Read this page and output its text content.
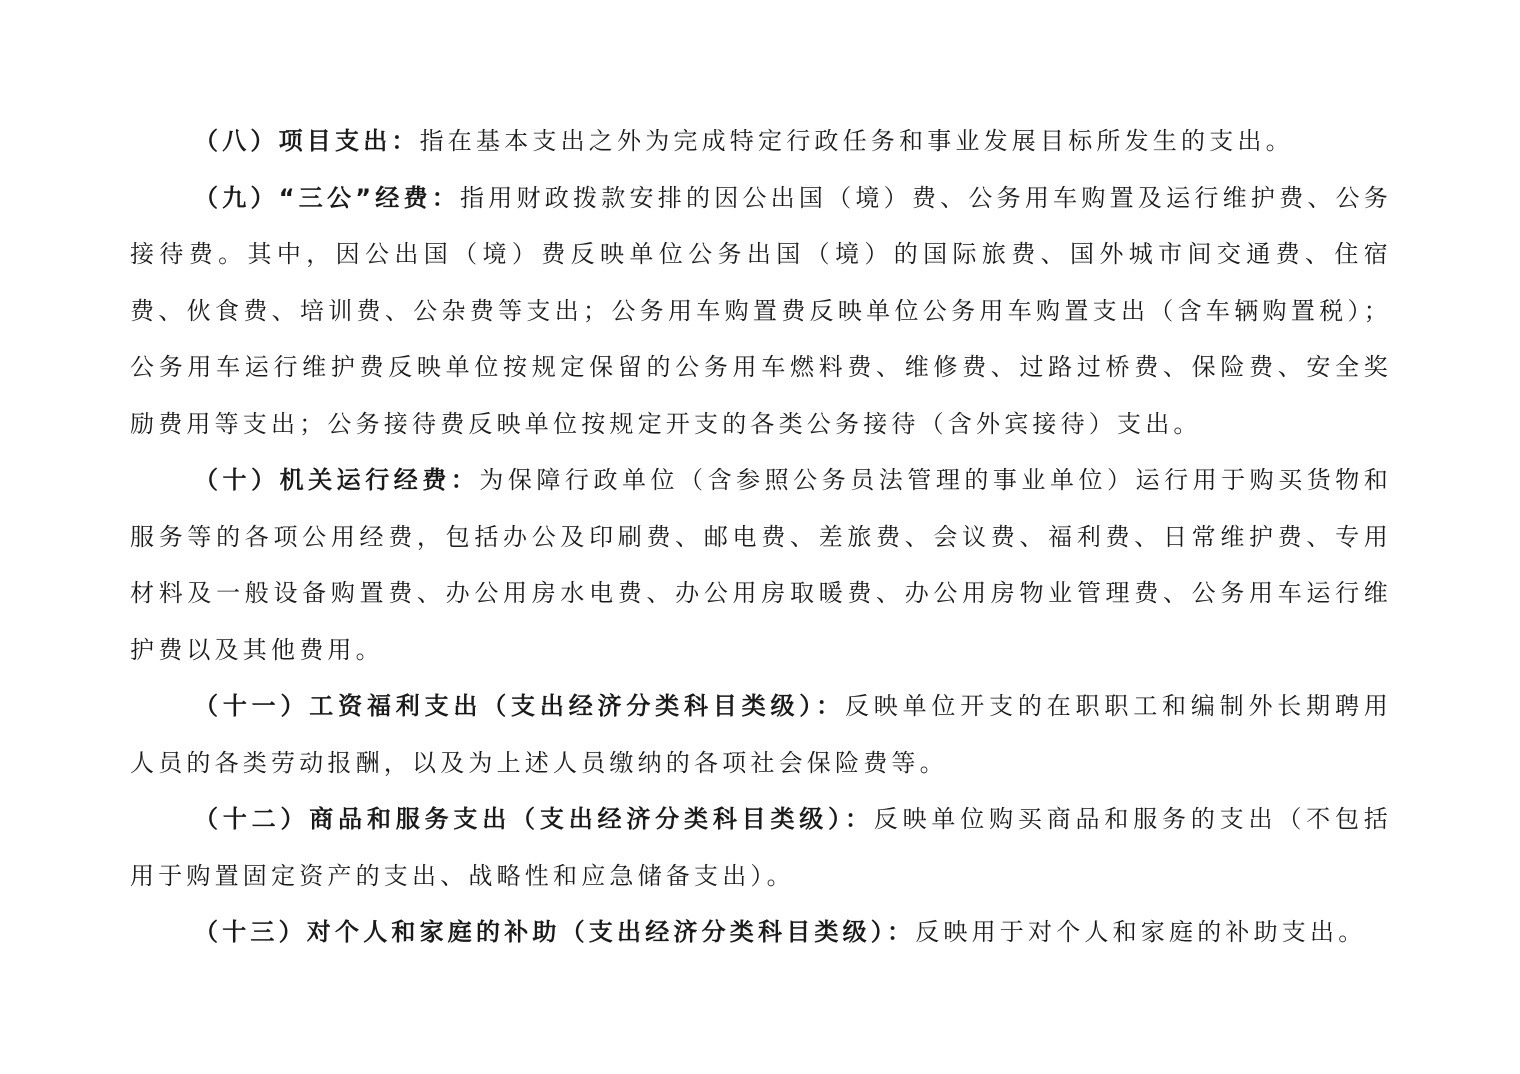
（八）项目支出：指在基本支出之外为完成特定行政任务和事业发展目标所发生的支出。

（九）“三公”经费：指用财政拨款安排的因公出国（境）费、公务用车购置及运行维护费、公务接待费。其中，因公出国（境）费反映单位公务出国（境）的国际旅费、国外城市间交通费、住宿费、伙食费、培训费、公杂费等支出；公务用车购置费反映单位公务用车购置支出（含车辆购置税）；公务用车运行维护费反映单位按规定保留的公务用车燃料费、维修费、过路过桥费、保险费、安全奖励费用等支出；公务接待费反映单位按规定开支的各类公务接待（含外宾接待）支出。

（十）机关运行经费：为保障行政单位（含参照公务员法管理的事业单位）运行用于购买货物和服务等的各项公用经费，包括办公及印刷费、邮电费、差旅费、会议费、福利费、日常维护费、专用材料及一般设备购置费、办公用房水电费、办公用房取暖费、办公用房物业管理费、公务用车运行维护费以及其他费用。

（十一）工资福利支出（支出经济分类科目类级）：反映单位开支的在职职工和编制外长期聘用人员的各类劳动报酬，以及为上述人员缴纳的各项社会保险费等。

（十二）商品和服务支出（支出经济分类科目类级）：反映单位购买商品和服务的支出（不包括用于购置固定资产的支出、战略性和应急储备支出）。

（十三）对个人和家庭的补助（支出经济分类科目类级）：反映用于对个人和家庭的补助支出。
